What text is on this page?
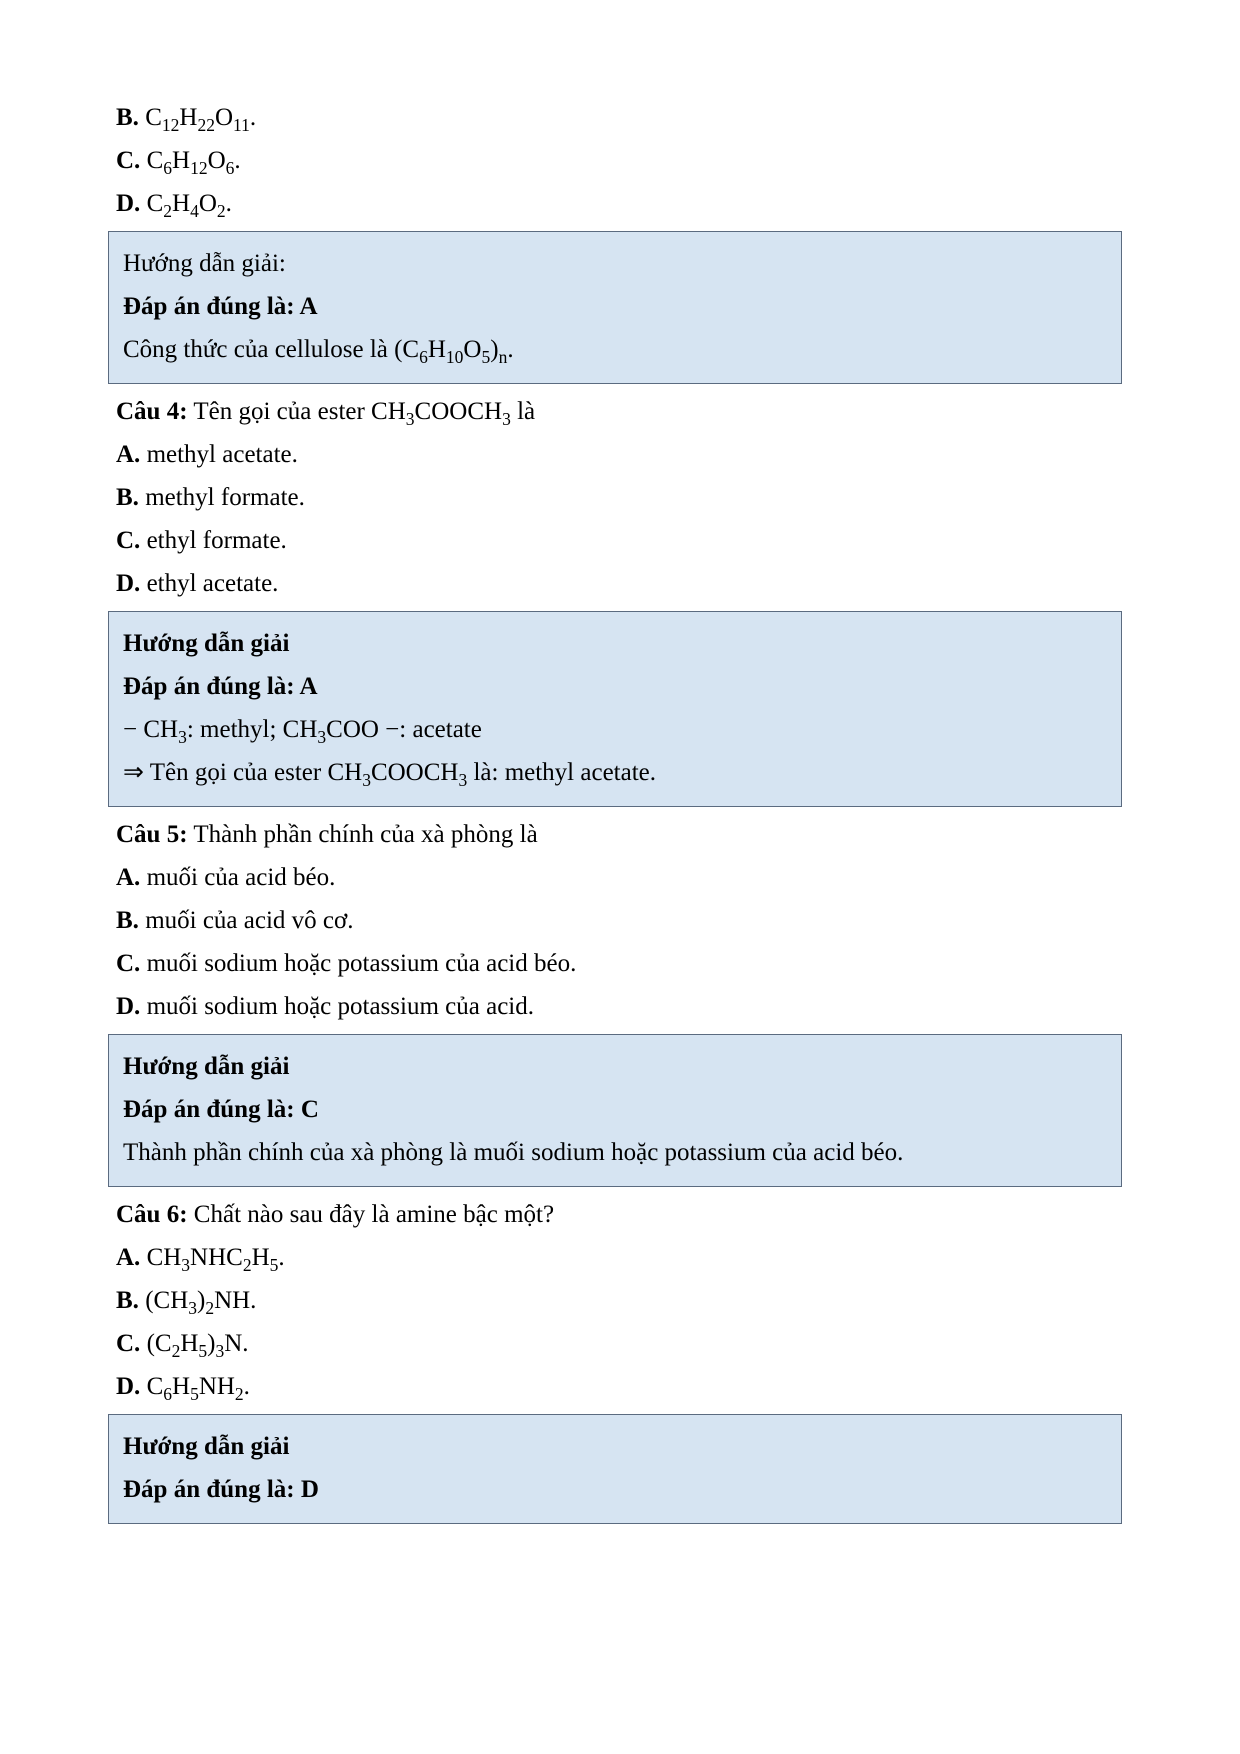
B. $C_{12}H_{22}O_{11}$.

C. $C_6H_{12}O_6$.

D. $C_2H_4O_2$.

Hướng dẫn giải:

Đáp án đúng là: A

Công thức của cellulose là $(C_6H_{10}O_5)_n$.

Câu 4: Tên gọi của ester $CH_3COOCH_3$ là

A. methyl acetate.

B. methyl formate.

C. ethyl formate.

D. ethyl acetate.

Hướng dẫn giải

Đáp án đúng là: A

− $CH_3$: methyl; $CH_3COO$ −: acetate

⇒ Tên gọi của ester $CH_3COOCH_3$ là: methyl acetate.

Câu 5: Thành phần chính của xà phòng là

A. muối của acid béo.

B. muối của acid vô cơ.

C. muối sodium hoặc potassium của acid béo.

D. muối sodium hoặc potassium của acid.

Hướng dẫn giải

Đáp án đúng là: C

Thành phần chính của xà phòng là muối sodium hoặc potassium của acid béo.

Câu 6: Chất nào sau đây là amine bậc một?

A. $CH_3NHC_2H_5$.

B. $(CH_3)_2NH$.

C. $(C_2H_5)_3N$.

D. $C_6H_5NH_2$.

Hướng dẫn giải

Đáp án đúng là: D
